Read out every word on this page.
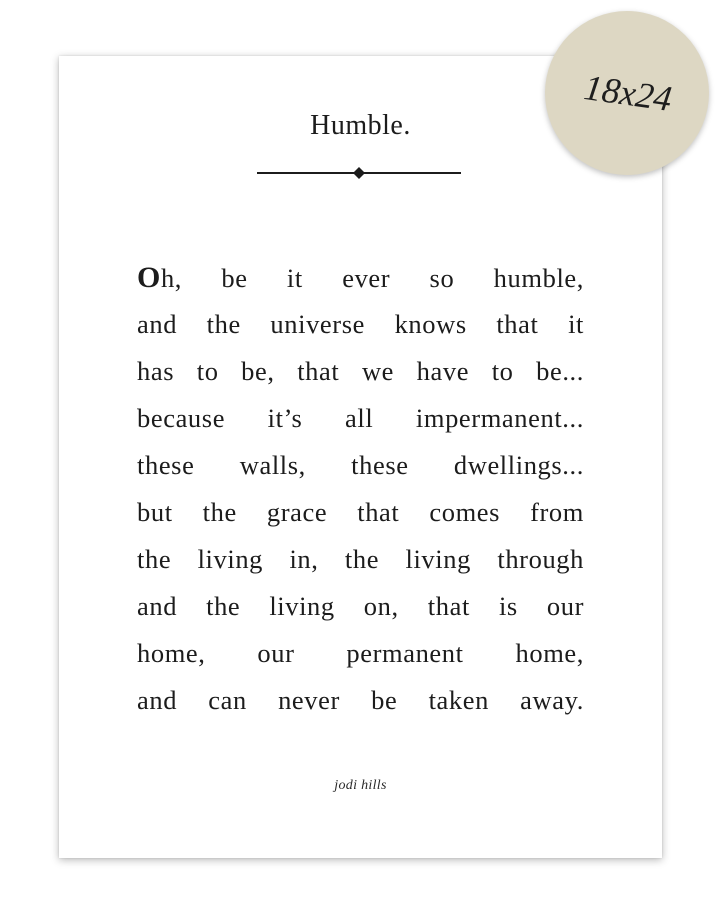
Humble.
Oh, be it ever so humble,
and the universe knows that it
has to be, that we have to be...
because it’s all impermanent...
these walls, these dwellings...
but the grace that comes from
the living in, the living through
and the living on, that is our
home, our permanent home,
and can never be taken away.
jodi hills
18x24
